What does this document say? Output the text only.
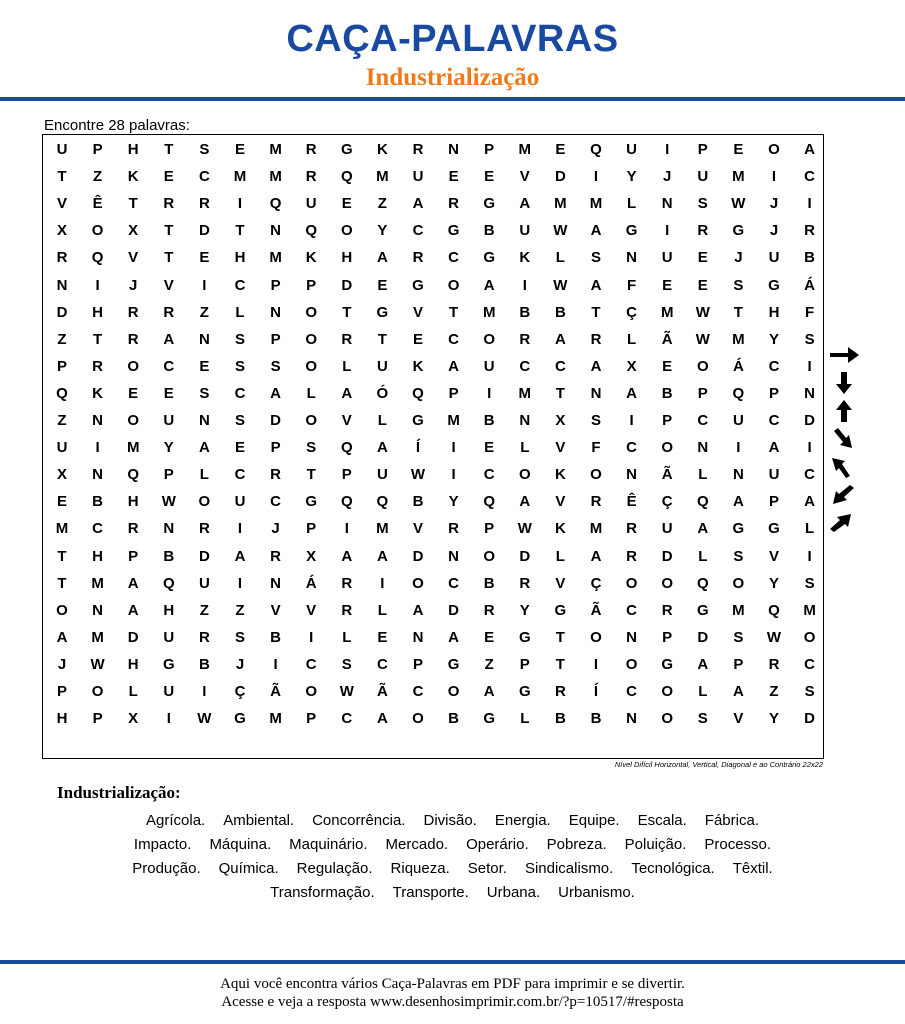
CAÇA-PALAVRAS
Industrialização
Encontre 28 palavras:
U	P	H	T	S	E	M	R	G	K	R	N	P	M	E	Q	U	I	P	E	O	A
T	Z	K	E	C	M	M	R	Q	M	U	E	E	V	D	I	Y	J	U	M	I	C
V	Ê	T	R	R	I	Q	U	E	Z	A	R	G	A	M	M	L	N	S	W	J	I
X	O	X	T	D	T	N	Q	O	Y	C	G	B	U	W	A	G	I	R	G	J	R
R	Q	V	T	E	H	M	K	H	A	R	C	G	K	L	S	N	U	E	J	U	B
N	I	J	V	I	C	P	P	D	E	G	O	A	I	W	A	F	E	E	S	G	Á
D	H	R	R	Z	L	N	O	T	G	V	T	M	B	B	T	Ç	M	W	T	H	F
Z	T	R	A	N	S	P	O	R	T	E	C	O	R	A	R	L	Ã	W	M	Y	S
P	R	O	C	E	S	S	O	L	U	K	A	U	C	C	A	X	E	O	Á	C	I
Q	K	E	E	S	C	A	L	A	Ó	Q	P	I	M	T	N	A	B	P	Q	P	N
Z	N	O	U	N	S	D	O	V	L	G	M	B	N	X	S	I	P	C	U	C	D
U	I	M	Y	A	E	P	S	Q	A	Í	I	E	L	V	F	C	O	N	I	A	I
X	N	Q	P	L	C	R	T	P	U	W	I	C	O	K	O	N	Ã	L	N	U	C
E	B	H	W	O	U	C	G	Q	Q	B	Y	Q	A	V	R	Ê	Ç	Q	A	P	A
M	C	R	N	R	I	J	P	I	M	V	R	P	W	K	M	R	U	A	G	G	L
T	H	P	B	D	A	R	X	A	A	D	N	O	D	L	A	R	D	L	S	V	I
T	M	A	Q	U	I	N	Á	R	I	O	C	B	R	V	Ç	O	O	Q	O	Y	S
O	N	A	H	Z	Z	V	V	R	L	A	D	R	Y	G	Ã	C	R	G	M	Q	M
A	M	D	U	R	S	B	I	L	E	N	A	E	G	T	O	N	P	D	S	W	O
J	W	H	G	B	J	I	C	S	C	P	G	Z	P	T	I	O	G	A	P	R	C
P	O	L	U	I	Ç	Ã	O	W	Ã	C	O	A	G	R	Í	C	O	L	A	Z	S
H	P	X	I	W	G	M	P	C	A	O	B	G	L	B	B	N	O	S	V	Y	D
Nível Difícil Horizontal, Vertical, Diagonal e ao Contrário 22x22
Industrialização:
Agrícola. Ambiental. Concorrência. Divisão. Energia. Equipe. Escala. Fábrica.
Impacto. Máquina. Maquinário. Mercado. Operário. Pobreza. Poluição. Processo.
Produção. Química. Regulação. Riqueza. Setor. Sindicalismo. Tecnológica. Têxtil.
Transformação. Transporte. Urbana. Urbanismo.
Aqui você encontra vários Caça-Palavras em PDF para imprimir e se divertir.
Acesse e veja a resposta www.desenhosimprimir.com.br/?p=10517/#resposta
